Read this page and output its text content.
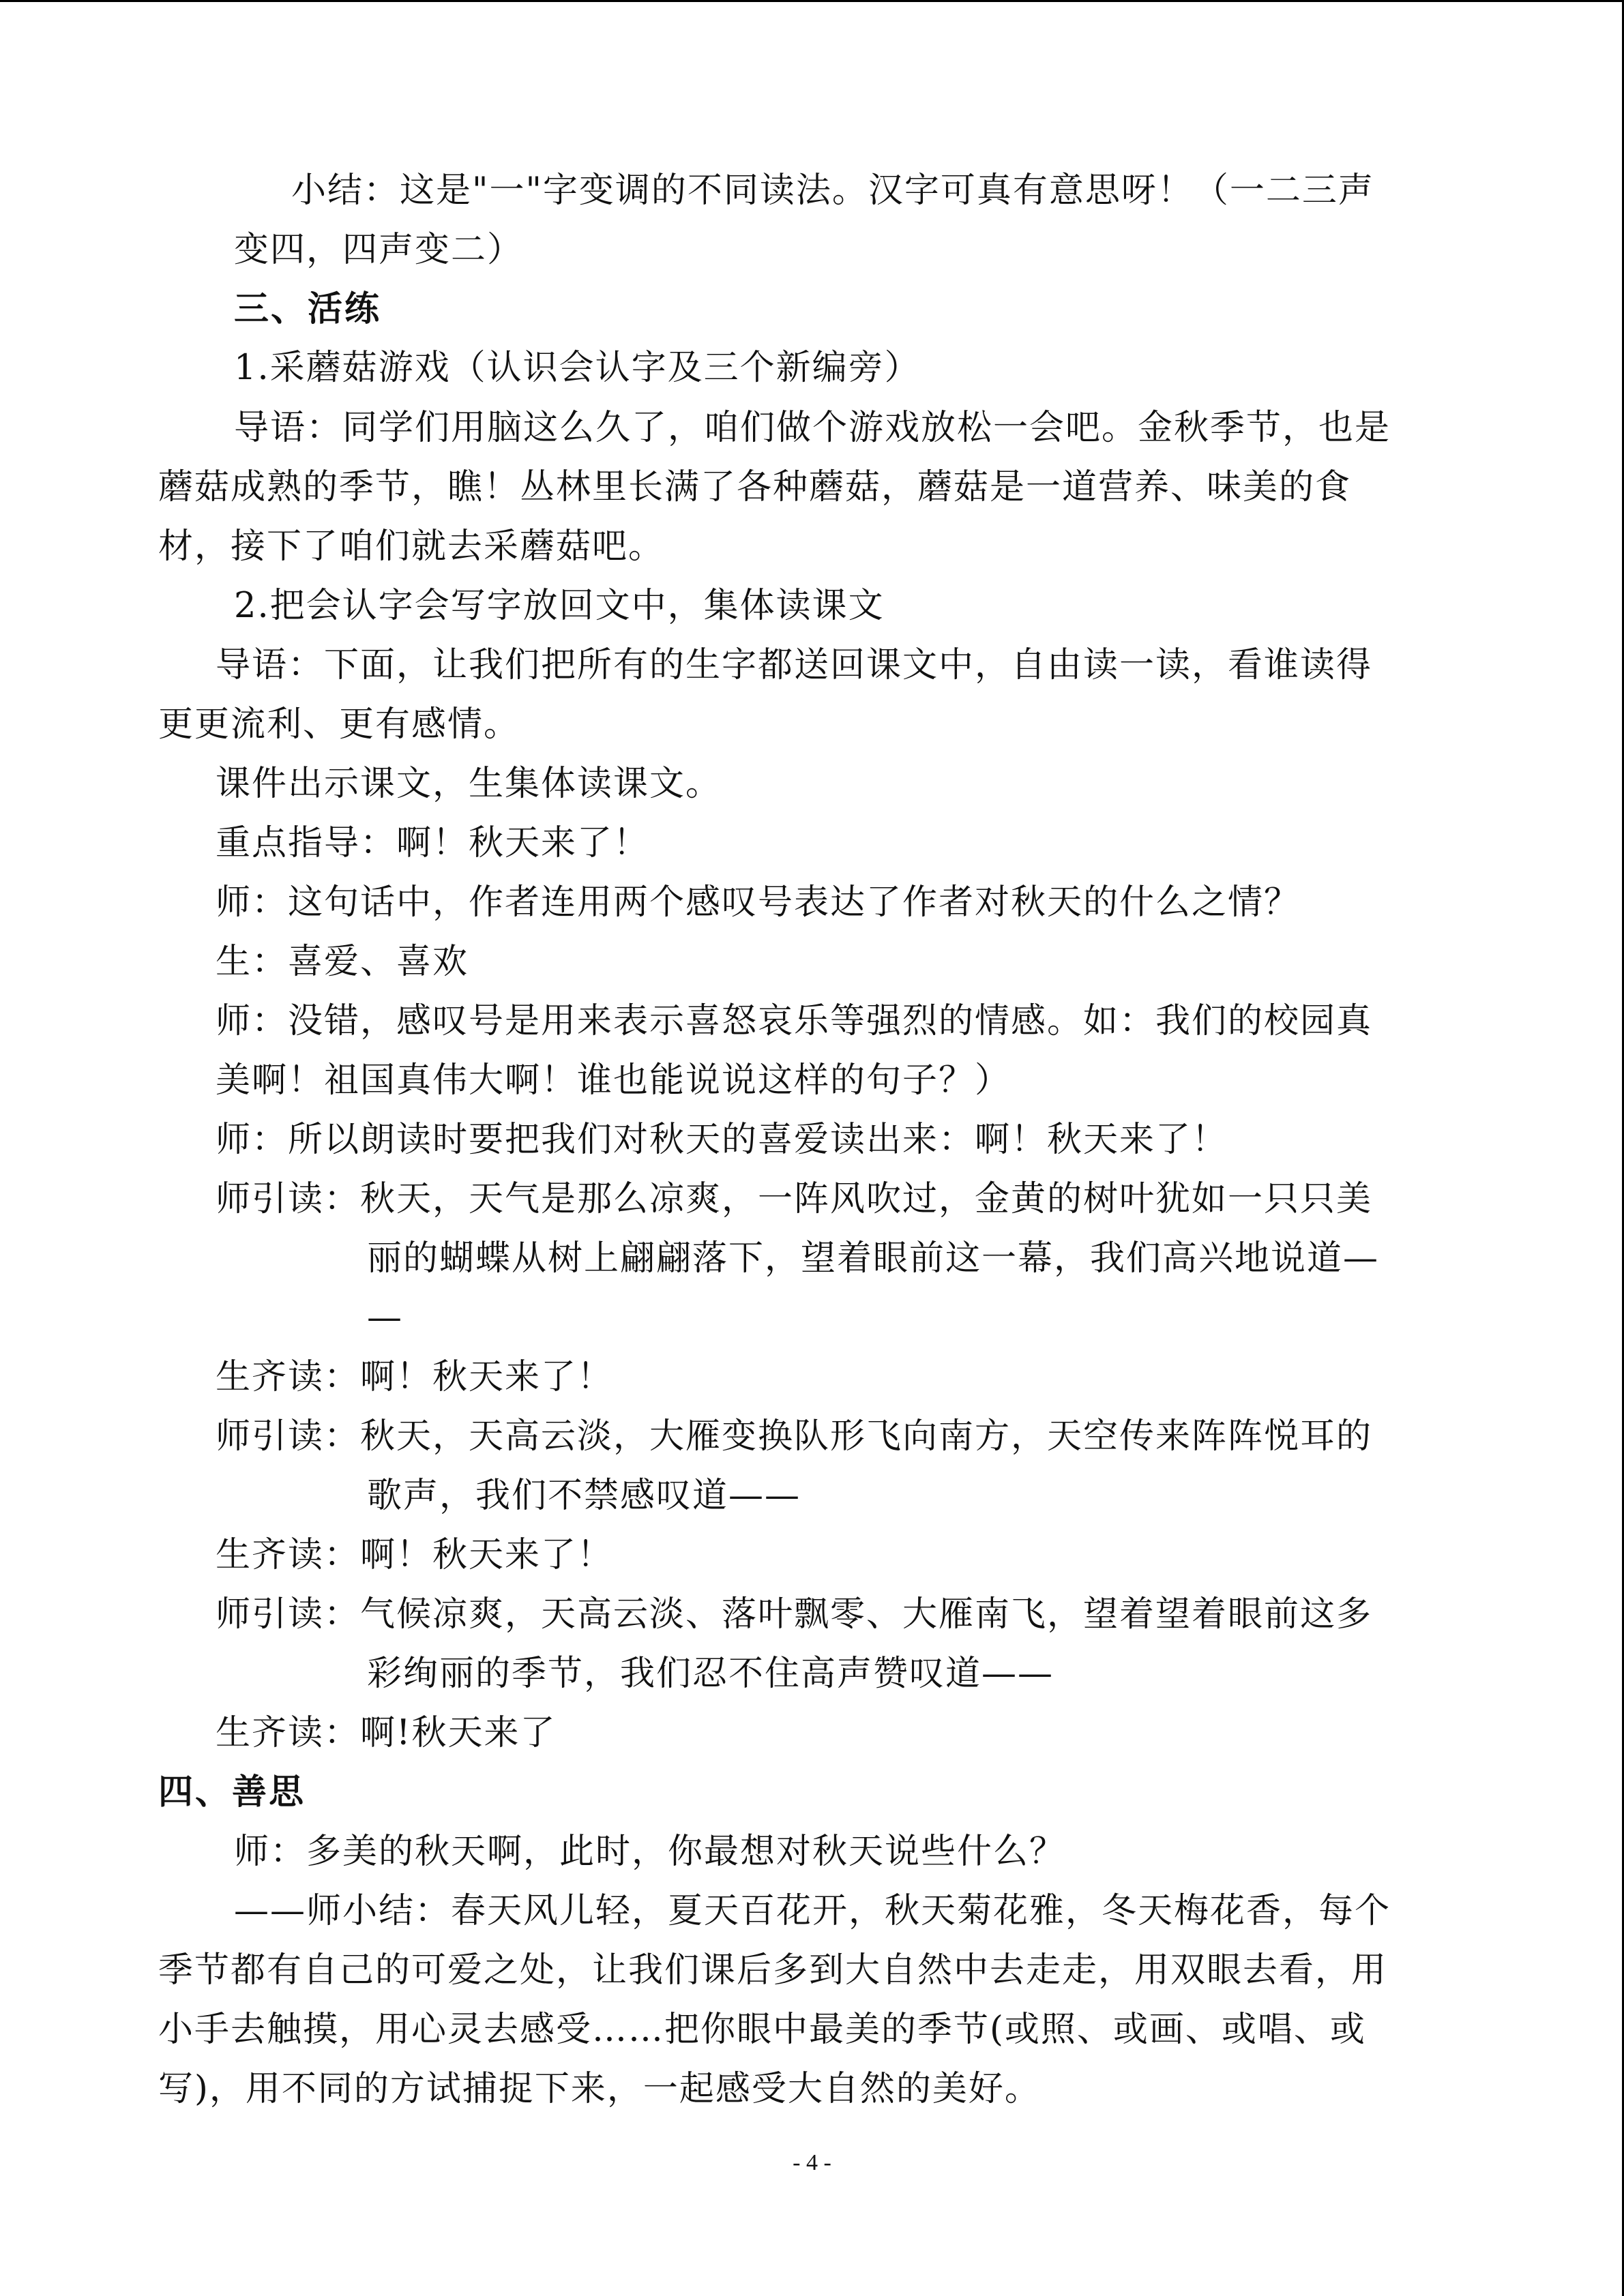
小结：这是"一"字变调的不同读法。汉字可真有意思呀！（一二三声
变四，四声变二）
三、活练
1.采蘑菇游戏（认识会认字及三个新编旁）
导语：同学们用脑这么久了，咱们做个游戏放松一会吧。金秋季节，也是
蘑菇成熟的季节，瞧！丛林里长满了各种蘑菇，蘑菇是一道营养、味美的食
材，接下了咱们就去采蘑菇吧。
2.把会认字会写字放回文中，集体读课文
导语：下面，让我们把所有的生字都送回课文中，自由读一读，看谁读得
更更流利、更有感情。
课件出示课文，生集体读课文。
重点指导：啊！秋天来了！
师：这句话中，作者连用两个感叹号表达了作者对秋天的什么之情？
生：喜爱、喜欢
师：没错，感叹号是用来表示喜怒哀乐等强烈的情感。如：我们的校园真
美啊！祖国真伟大啊！谁也能说说这样的句子？）
师：所以朗读时要把我们对秋天的喜爱读出来：啊！秋天来了！
师引读：秋天，天气是那么凉爽，一阵风吹过，金黄的树叶犹如一只只美
丽的蝴蝶从树上翩翩落下，望着眼前这一幕，我们高兴地说道—
—
生齐读：啊！秋天来了！
师引读：秋天，天高云淡，大雁变换队形飞向南方，天空传来阵阵悦耳的
歌声，我们不禁感叹道——
生齐读：啊！秋天来了！
师引读：气候凉爽，天高云淡、落叶飘零、大雁南飞，望着望着眼前这多
彩绚丽的季节，我们忍不住高声赞叹道——
生齐读：啊!秋天来了
四、善思
师：多美的秋天啊，此时，你最想对秋天说些什么？
——师小结：春天风儿轻，夏天百花开，秋天菊花雅，冬天梅花香，每个
季节都有自己的可爱之处，让我们课后多到大自然中去走走，用双眼去看，用
小手去触摸，用心灵去感受……把你眼中最美的季节(或照、或画、或唱、或
写)，用不同的方试捕捉下来，一起感受大自然的美好。
- 4 -
